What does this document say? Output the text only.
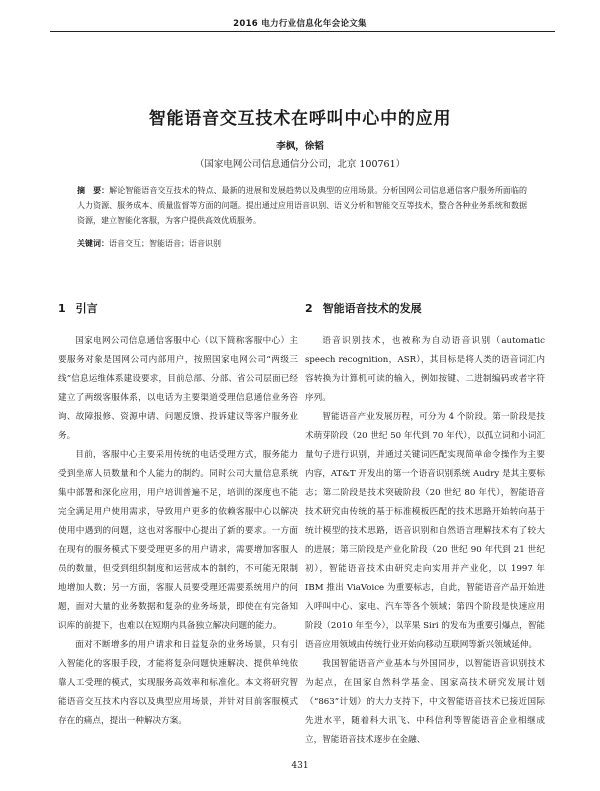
2016 电力行业信息化年会论文集
智能语音交互技术在呼叫中心中的应用
李枫，徐韬
（国家电网公司信息通信分公司，北京 100761）
摘　要：解论智能语音交互技术的特点、最新的进展和发展趋势以及典型的应用场景。分析国网公司信息通信客户服务所面临的人力资源、服务成本、质量监督等方面的问题。提出通过应用语音识别、语义分析和智能交互等技术，整合各种业务系统和数据资源，建立智能化客服，为客户提供高效优质服务。
关键词：语音交互；智能语音；语音识别
1 引言

国家电网公司信息通信客服中心（以下简称客服中心）主要服务对象是国网公司内部用户，按照国家电网公司“两级三线”信息运维体系建设要求，目前总部、分部、省公司层面已经建立了两级客服体系，以电话为主要渠道受理信息通信业务咨询、故障报修、资源申请、问题反馈、投诉建议等客户服务业务。

目前，客服中心主要采用传统的电话受理方式，服务能力受到坐席人员数量和个人能力的制约。同时公司大量信息系统集中部署和深化应用，用户培训普遍不足，培训的深度也不能完全满足用户使用需求，导致用户更多的依赖客服中心以解决使用中遇到的问题，这也对客服中心提出了新的要求。一方面在现有的服务模式下要受理更多的用户请求，需要增加客服人员的数量，但受到组织制度和运营成本的制约，不可能无限制地增加人数；另一方面，客服人员要受理还需要系统用户的问题，面对大量的业务数据和复杂的业务场景，即使在有完备知识库的前提下，也难以在短期内具备独立解决问题的能力。

面对不断增多的用户请求和日益复杂的业务场景，只有引入智能化的客服手段，才能将复杂问题快速解决、提供单纯依靠人工受理的模式，实现服务高效率和标准化。本文将研究智能语音交互技术内容以及典型应用场景，并针对目前客服模式存在的痛点，提出一种解决方案。

2 智能语音技术的发展

语音识别技术，也被称为自动语音识别（automatic speech recognition，ASR），其目标是将人类的语音词汇内容转换为计算机可读的输入，例如按键、二进制编码或者字符序列。

智能语音产业发展历程，可分为 4 个阶段。第一阶段是技术萌芽阶段（20 世纪 50 年代到 70 年代），以孤立词和小词汇量句子进行识别，并通过关键词匹配实现简单命令操作为主要内容，AT&T 开发出的第一个语音识别系统 Audry 是其主要标志；第二阶段是技术突破阶段（20 世纪 80 年代），智能语音技术研究由传统的基于标准模板匹配的技术思路开始转向基于统计模型的技术思路，语音识别和自然语言理解技术有了较大的进展；第三阶段是产业化阶段（20 世纪 90 年代到 21 世纪初），智能语音技术由研究走向实用并产业化，以 1997 年 IBM 推出 ViaVoice 为重要标志，自此，智能语音产品开始进入呼叫中心、家电、汽车等各个领域；第四个阶段是快速应用阶段（2010 年至今），以苹果 Siri 的发布为重要引爆点，智能语音应用领域由传统行业开始向移动互联网等新兴领域延伸。

我国智能语音产业基本与外国同步，以智能语音识别技术为起点，在国家自然科学基金、国家高技术研究发展计划（“863”计划）的大力支持下，中文智能语音技术已接近国际先进水平，随着科大讯飞、中科信利等智能语音企业相继成立，智能语音技术逐步在金融、

431
